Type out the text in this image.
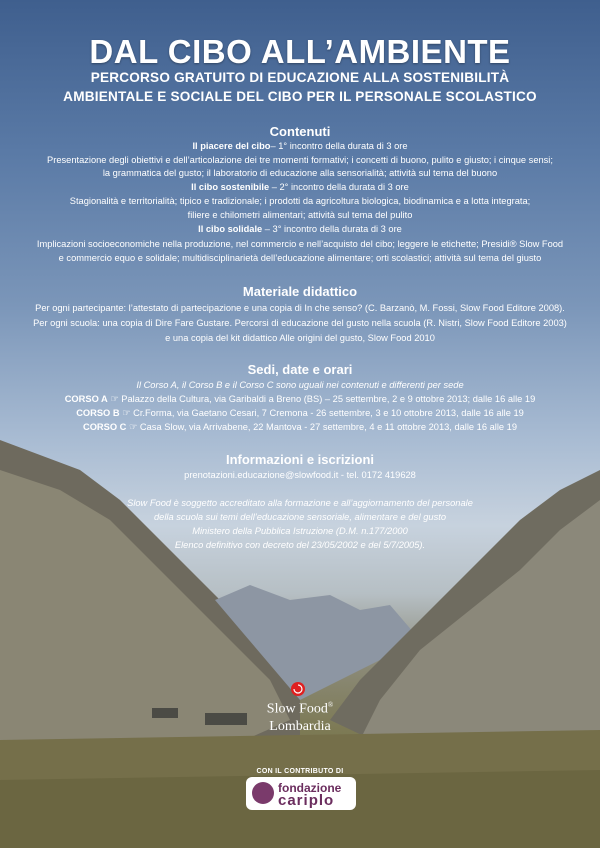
DAL CIBO ALL’AMBIENTE
PERCORSO GRATUITO DI EDUCAZIONE ALLA SOSTENIBILITÀ
AMBIENTALE E SOCIALE DEL CIBO PER IL PERSONALE SCOLASTICO
Contenuti
Il piacere del cibo– 1° incontro della durata di 3 ore
Presentazione degli obiettivi e dell’articolazione dei tre momenti formativi; i concetti di buono, pulito e giusto; i cinque sensi;
la grammatica del gusto; il laboratorio di educazione alla sensorialità; attività sul tema del buono
Il cibo sostenibile – 2° incontro della durata di 3 ore
Stagionalità e territorialità; tipico e tradizionale; i prodotti da agricoltura biologica, biodinamica e a lotta integrata;
filiere e chilometri alimentari; attività sul tema del pulito
Il cibo solidale – 3° incontro della durata di 3 ore
Implicazioni socioeconomiche nella produzione, nel commercio e nell’acquisto del cibo; leggere le etichette; Presidi® Slow Food
e commercio equo e solidale; multidisciplinarietà dell’educazione alimentare; orti scolastici; attività sul tema del giusto
Materiale didattico
Per ogni partecipante: l’attestato di partecipazione e una copia di In che senso? (C. Barzanò, M. Fossi, Slow Food Editore 2008).
Per ogni scuola: una copia di Dire Fare Gustare. Percorsi di educazione del gusto nella scuola (R. Nistri, Slow Food Editore 2003)
e una copia del kit didattico Alle origini del gusto, Slow Food 2010
Sedi, date e orari
Il Corso A, il Corso B e il Corso C sono uguali nei contenuti e differenti per sede
CORSO A ☞ Palazzo della Cultura, via Garibaldi a Breno (BS) – 25 settembre, 2 e 9 ottobre 2013; dalle 16 alle 19
CORSO B ☞ Cr.Forma, via Gaetano Cesari, 7 Cremona - 26 settembre, 3 e 10 ottobre 2013, dalle 16 alle 19
CORSO C ☞ Casa Slow, via Arrivabene, 22 Mantova - 27 settembre, 4 e 11 ottobre 2013, dalle 16 alle 19
Informazioni e iscrizioni
prenotazioni.educazione@slowfood.it - tel. 0172 419628
Slow Food è soggetto accreditato alla formazione e all’aggiornamento del personale
della scuola sui temi dell’educazione sensoriale, alimentare e del gusto
Ministero della Pubblica Istruzione (D.M. n.177/2000
Elenco definitivo con decreto del 23/05/2002 e del 5/7/2005).
Slow Food®
Lombardia
CON IL CONTRIBUTO DI
fondazione
cariplo
